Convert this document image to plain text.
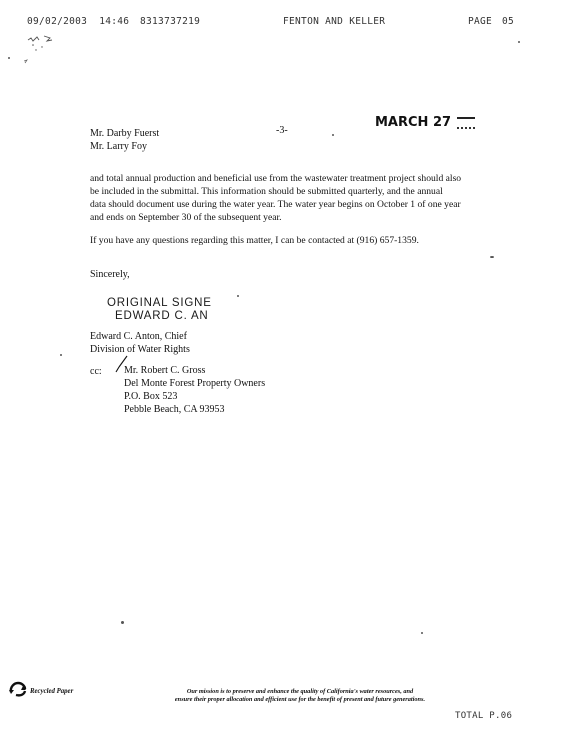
09/02/2003  14:46 8313737219	FENTON AND KELLER	PAGE 05
-3-
MARCH 27
Mr. Darby Fuerst
Mr. Larry Foy
and total annual production and beneficial use from the wastewater treatment project should also
be included in the submittal. This information should be submitted quarterly, and the annual
data should document use during the water year. The water year begins on October 1 of one year
and ends on September 30 of the subsequent year.
If you have any questions regarding this matter, I can be contacted at (916) 657-1359.
Sincerely,
ORIGINAL SIGNE
EDWARD C. AN
Edward C. Anton, Chief
Division of Water Rights
cc: Mr. Robert C. Gross
Del Monte Forest Property Owners
P.O. Box 523
Pebble Beach, CA 93953
Recycled Paper	Our mission is to preserve and enhance the quality of California's water resources, and
ensure their proper allocation and efficient use for the benefit of present and future generations.
TOTAL P.06
